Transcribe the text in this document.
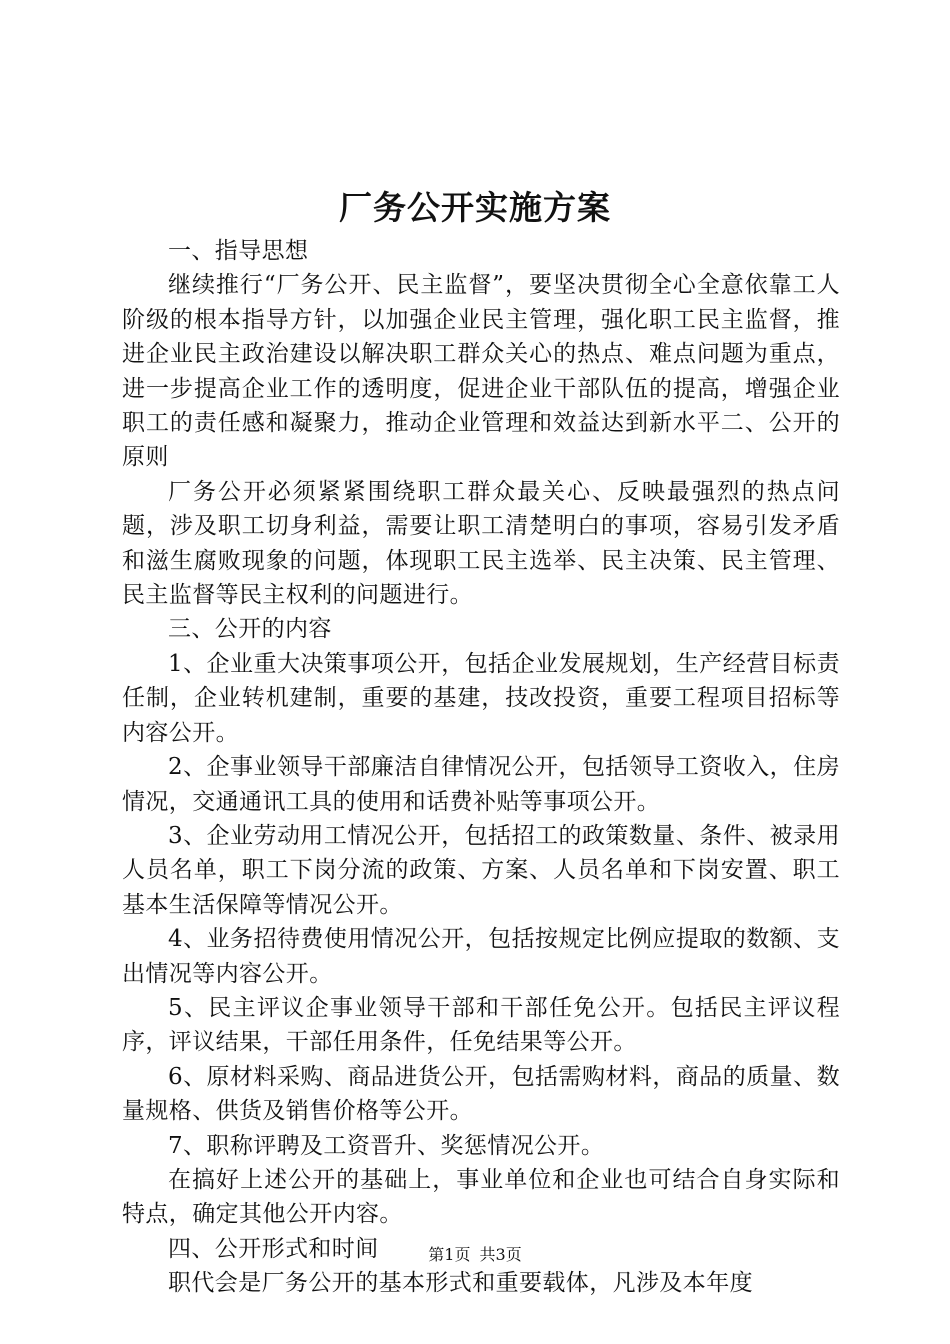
厂务公开实施方案

一、指导思想

继续推行“厂务公开、民主监督”，要坚决贯彻全心全意依靠工人阶级的根本指导方针，以加强企业民主管理，强化职工民主监督，推进企业民主政治建设以解决职工群众关心的热点、难点问题为重点，进一步提高企业工作的透明度，促进企业干部队伍的提高，增强企业职工的责任感和凝聚力，推动企业管理和效益达到新水平二、公开的原则

厂务公开必须紧紧围绕职工群众最关心、反映最强烈的热点问题，涉及职工切身利益，需要让职工清楚明白的事项，容易引发矛盾和滋生腐败现象的问题，体现职工民主选举、民主决策、民主管理、民主监督等民主权利的问题进行。

三、公开的内容

1、企业重大决策事项公开，包括企业发展规划，生产经营目标责任制，企业转机建制，重要的基建，技改投资，重要工程项目招标等内容公开。

2、企事业领导干部廉洁自律情况公开，包括领导工资收入，住房情况，交通通讯工具的使用和话费补贴等事项公开。

3、企业劳动用工情况公开，包括招工的政策数量、条件、被录用人员名单，职工下岗分流的政策、方案、人员名单和下岗安置、职工基本生活保障等情况公开。

4、业务招待费使用情况公开，包括按规定比例应提取的数额、支出情况等内容公开。

5、民主评议企事业领导干部和干部任免公开。包括民主评议程序，评议结果，干部任用条件，任免结果等公开。

6、原材料采购、商品进货公开，包括需购材料，商品的质量、数量规格、供货及销售价格等公开。

7、职称评聘及工资晋升、奖惩情况公开。

在搞好上述公开的基础上，事业单位和企业也可结合自身实际和特点，确定其他公开内容。

四、公开形式和时间

职代会是厂务公开的基本形式和重要载体，凡涉及本年度

第1页 共3页
